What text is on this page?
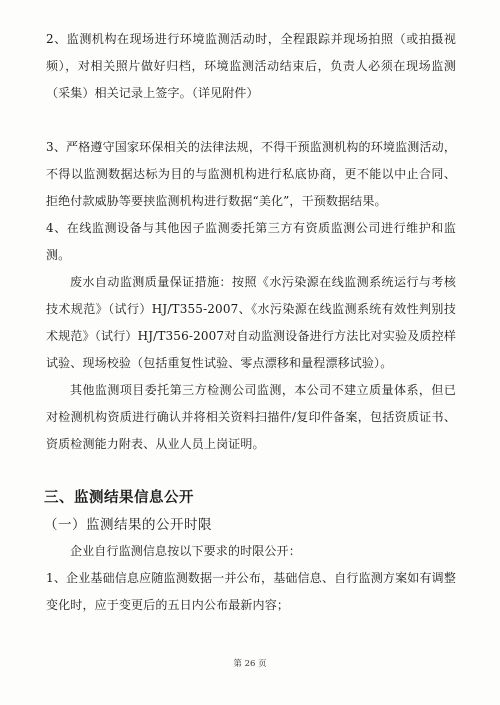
2、监测机构在现场进行环境监测活动时，全程跟踪并现场拍照（或拍摄视频），对相关照片做好归档，环境监测活动结束后，负责人必须在现场监测（采集）相关记录上签字。（详见附件）
3、严格遵守国家环保相关的法律法规，不得干预监测机构的环境监测活动，不得以监测数据达标为目的与监测机构进行私底协商，更不能以中止合同、拒绝付款威胁等要挟监测机构进行数据“美化”，干预数据结果。
4、在线监测设备与其他因子监测委托第三方有资质监测公司进行维护和监测。
废水自动监测质量保证措施：按照《水污染源在线监测系统运行与考核技术规范》（试行）HJ/T355-2007、《水污染源在线监测系统有效性判别技术规范》（试行）HJ/T356-2007对自动监测设备进行方法比对实验及质控样试验、现场校验（包括重复性试验、零点漂移和量程漂移试验）。
其他监测项目委托第三方检测公司监测，本公司不建立质量体系，但已对检测机构资质进行确认并将相关资料扫描件/复印件备案，包括资质证书、资质检测能力附表、从业人员上岗证明。
三、监测结果信息公开
（一）监测结果的公开时限
企业自行监测信息按以下要求的时限公开：
1、企业基础信息应随监测数据一并公布，基础信息、自行监测方案如有调整变化时，应于变更后的五日内公布最新内容；
第 26 页
